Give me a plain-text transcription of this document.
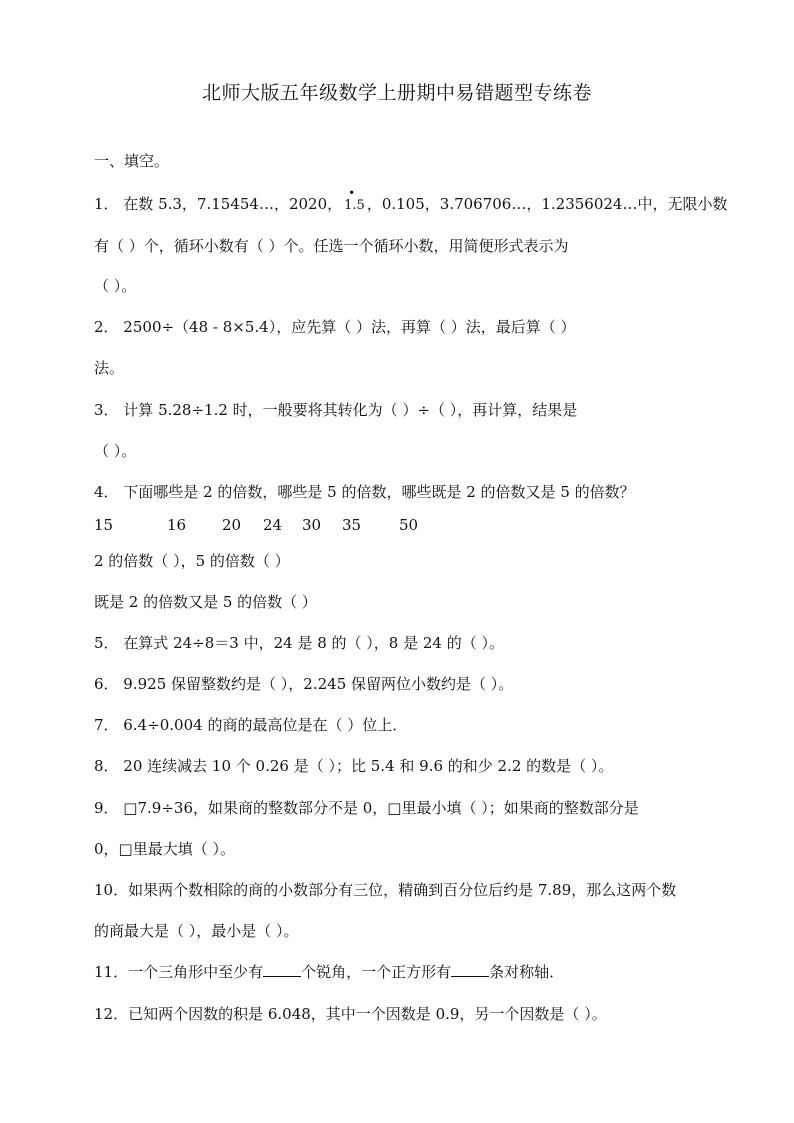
北师大版五年级数学上册期中易错题型专练卷
一、填空。
1． 在数 5.3，7.15454…，2020，
•
1.5 ，0.105，3.706706…，1.2356024…中，无限小数
有（ ）个，循环小数有（ ）个。任选一个循环小数，用简便形式表示为
（ ）。
2． 2500÷（48 - 8×5.4），应先算（ ）法，再算（ ）法，最后算（ ）
法。
3． 计算 5.28÷1.2 时，一般要将其转化为（ ）÷（ ），再计算，结果是
（ ）。
4． 下面哪些是 2 的倍数，哪些是 5 的倍数，哪些既是 2 的倍数又是 5 的倍数？
15	16 20 24 30 35	50
2 的倍数（ ），5 的倍数（ ）
既是 2 的倍数又是 5 的倍数（ ）
5． 在算式 24÷8＝3 中，24 是 8 的（ ），8 是 24 的（ ）。
6． 9.925 保留整数约是（ ），2.245 保留两位小数约是（ ）。
7． 6.4÷0.004 的商的最高位是在（ ）位上．
8． 20 连续减去 10 个 0.26 是（ ）；比 5.4 和 9.6 的和少 2.2 的数是（ ）。
9． □7.9÷36，如果商的整数部分不是 0，□里最小填（ ）；如果商的整数部分是
0，□里最大填（ ）。
10．如果两个数相除的商的小数部分有三位，精确到百分位后约是 7.89，那么这两个数
的商最大是（ ），最小是（ ）。
11．一个三角形中至少有	个锐角，一个正方形有	条对称轴．
12．已知两个因数的积是 6.048，其中一个因数是 0.9，另一个因数是（ ）。
